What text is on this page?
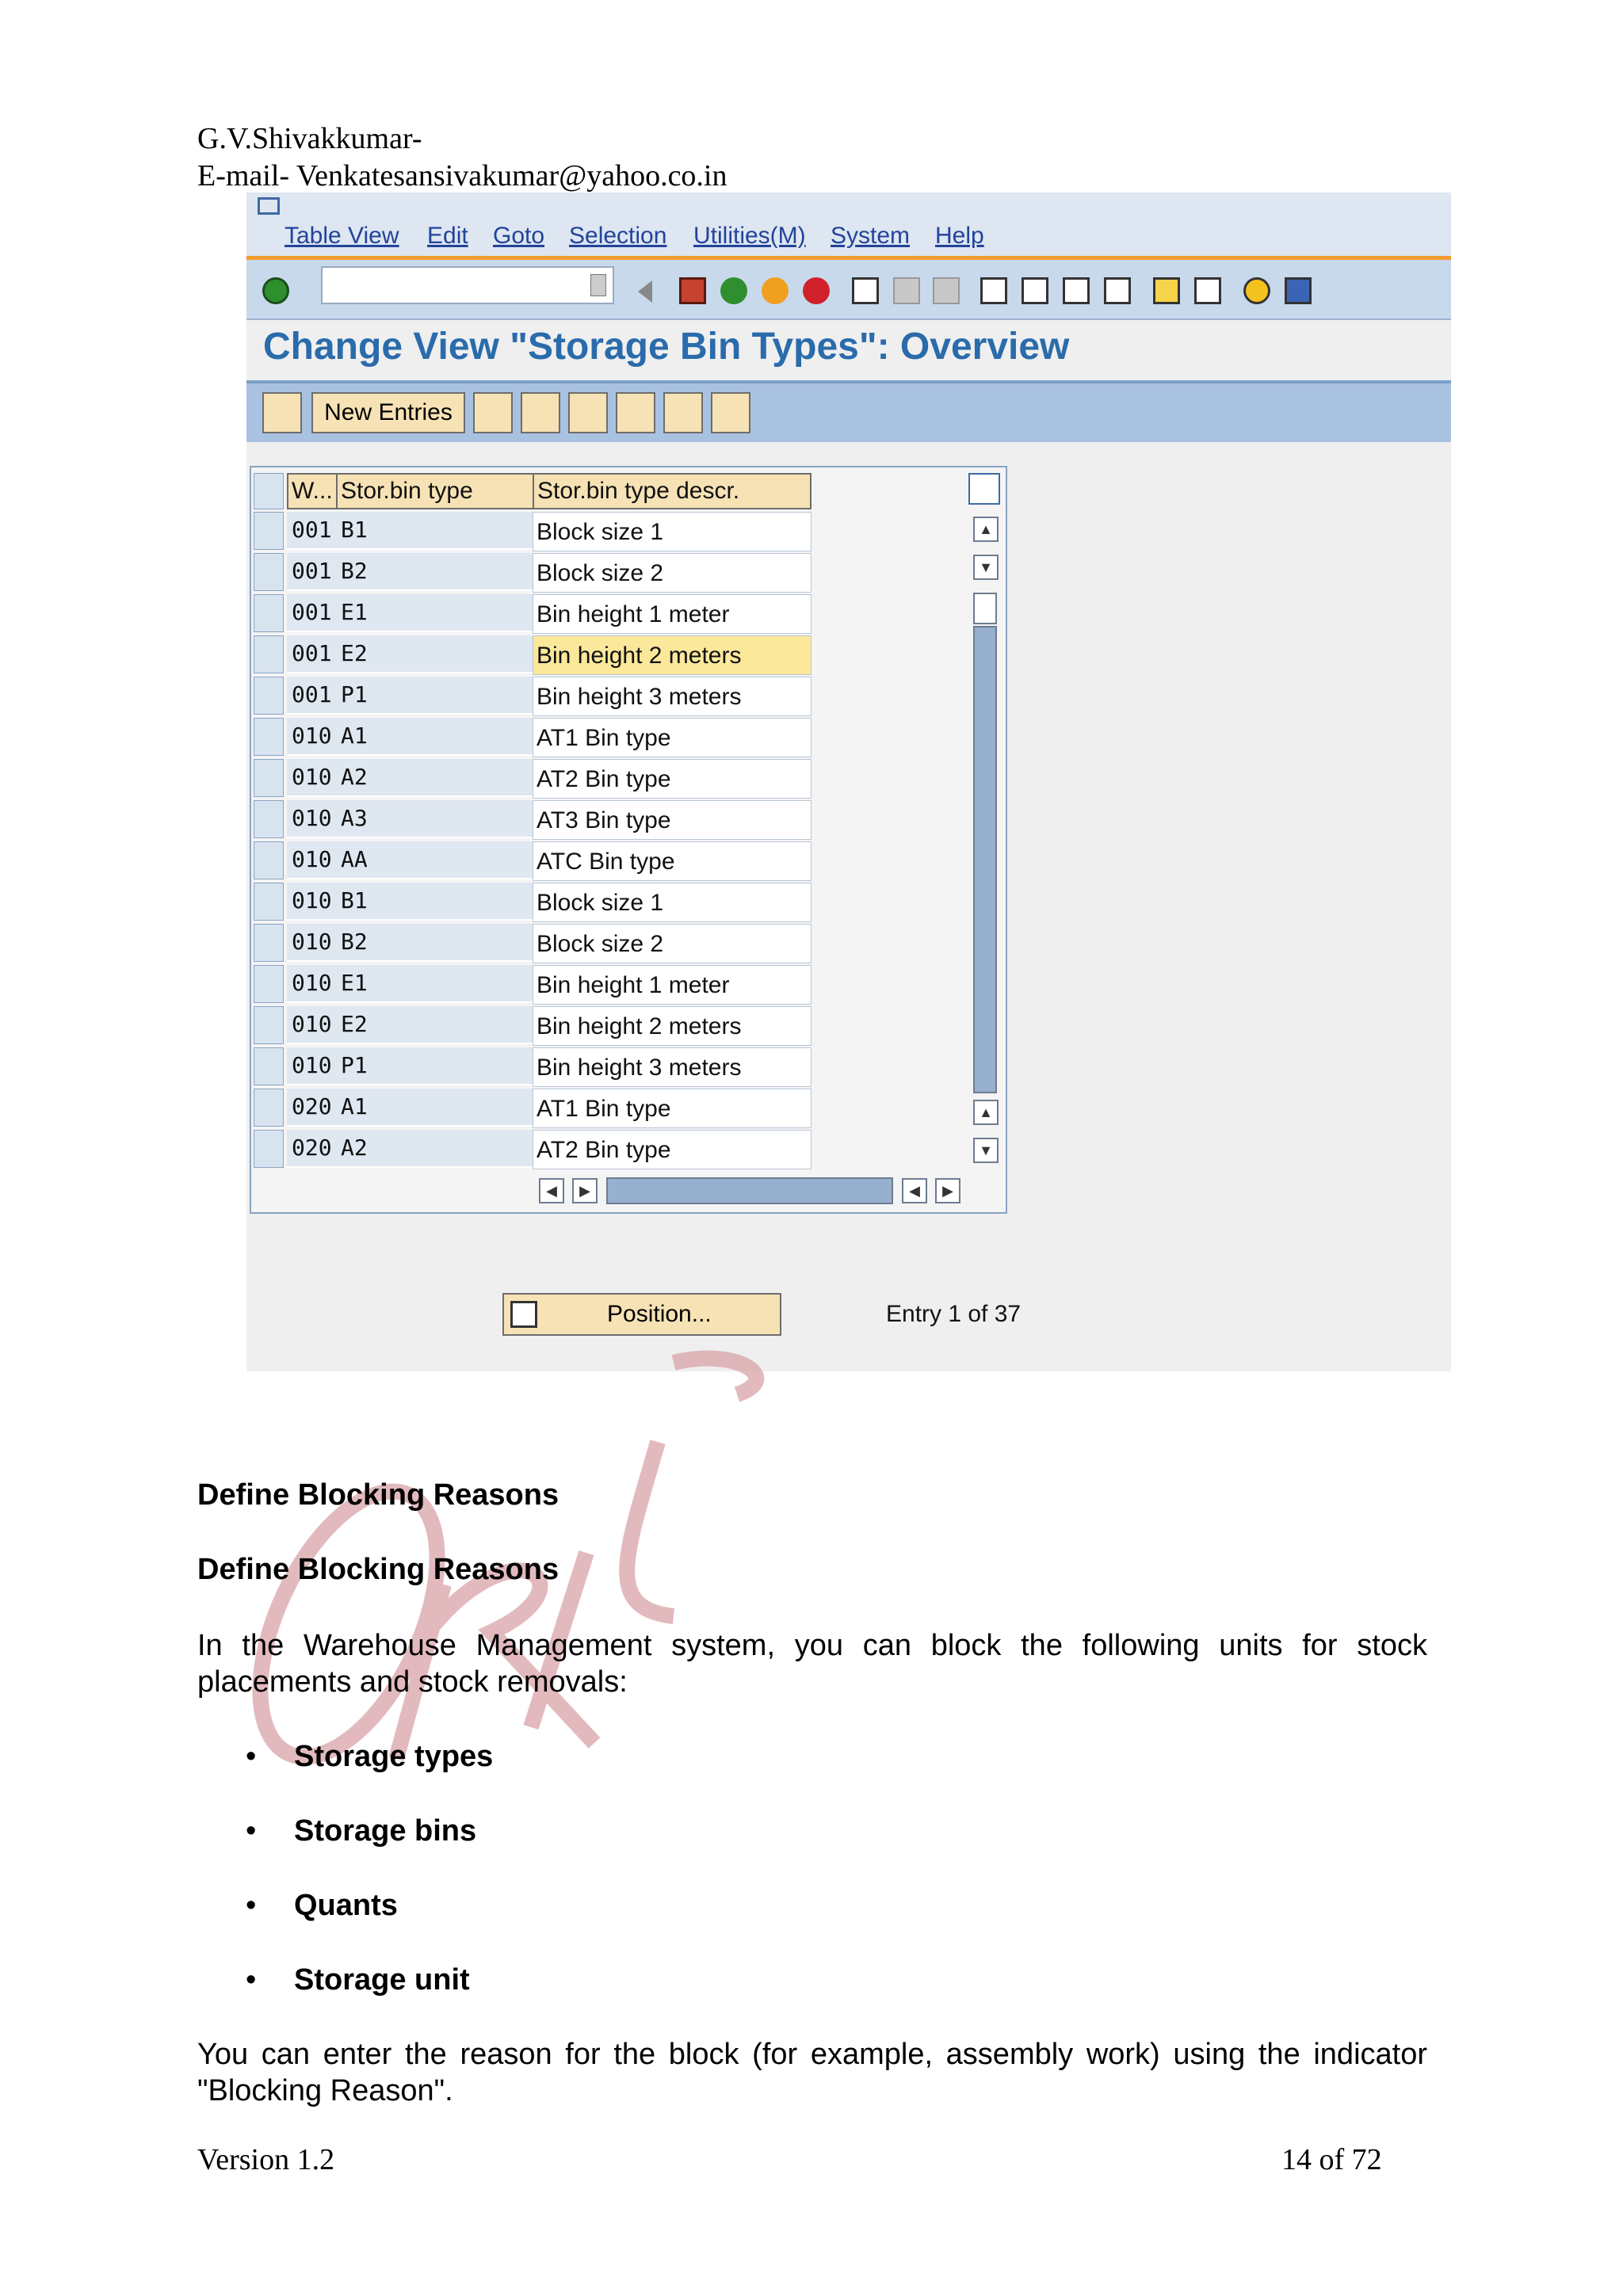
G.V.Shivakkumar-
E-mail- Venkatesansivakumar@yahoo.co.in
Table View Edit Goto Selection Utilities(M) System Help
Change View "Storage Bin Types": Overview
New Entries
W... Stor.bin type	Stor.bin type descr.
001 B1	Block size 1
001 B2	Block size 2
001 E1	Bin height 1 meter
001 E2	Bin height 2 meters
001 P1	Bin height 3 meters
010 A1	AT1 Bin type
010 A2	AT2 Bin type
010 A3	AT3 Bin type
010 AA	ATC Bin type
010 B1	Block size 1
010 B2	Block size 2
010 E1	Bin height 1 meter
010 E2	Bin height 2 meters
010 P1	Bin height 3 meters
020 A1	AT1 Bin type
020 A2	AT2 Bin type
▲
▼
▲
▼
◀	▶	◀	▶
Position...	Entry 1 of 37
Define Blocking Reasons
Define Blocking Reasons
In the Warehouse Management system, you can block the following units for stock placements and stock removals:
• Storage types
• Storage bins
• Quants
• Storage unit
You can enter the reason for the block (for example, assembly work) using the indicator "Blocking Reason".
Version 1.2	14 of 72
